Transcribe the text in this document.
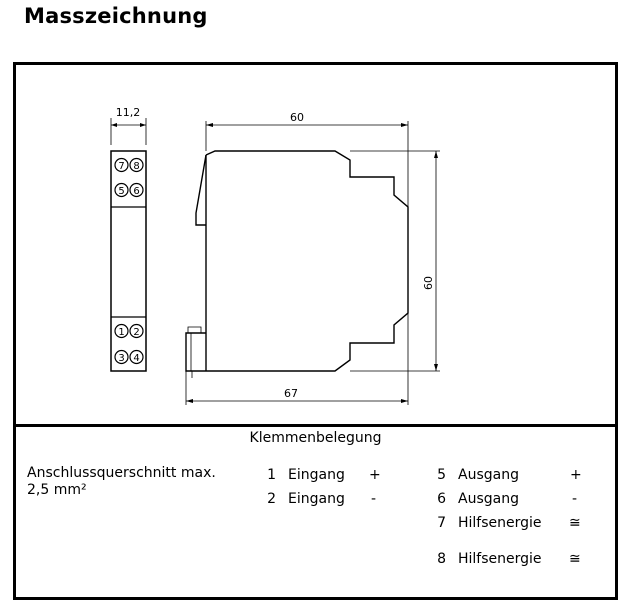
Masszeichnung
11,2
7 8
5 6
1 2
3 4
60
60
67
Klemmenbelegung
Anschlussquerschnitt max.
2,5 mm²
1 Eingang +
2 Eingang -
5 Ausgang	+
6 Ausgang	-
7 Hilfsenergie ≅
8 Hilfsenergie ≅
